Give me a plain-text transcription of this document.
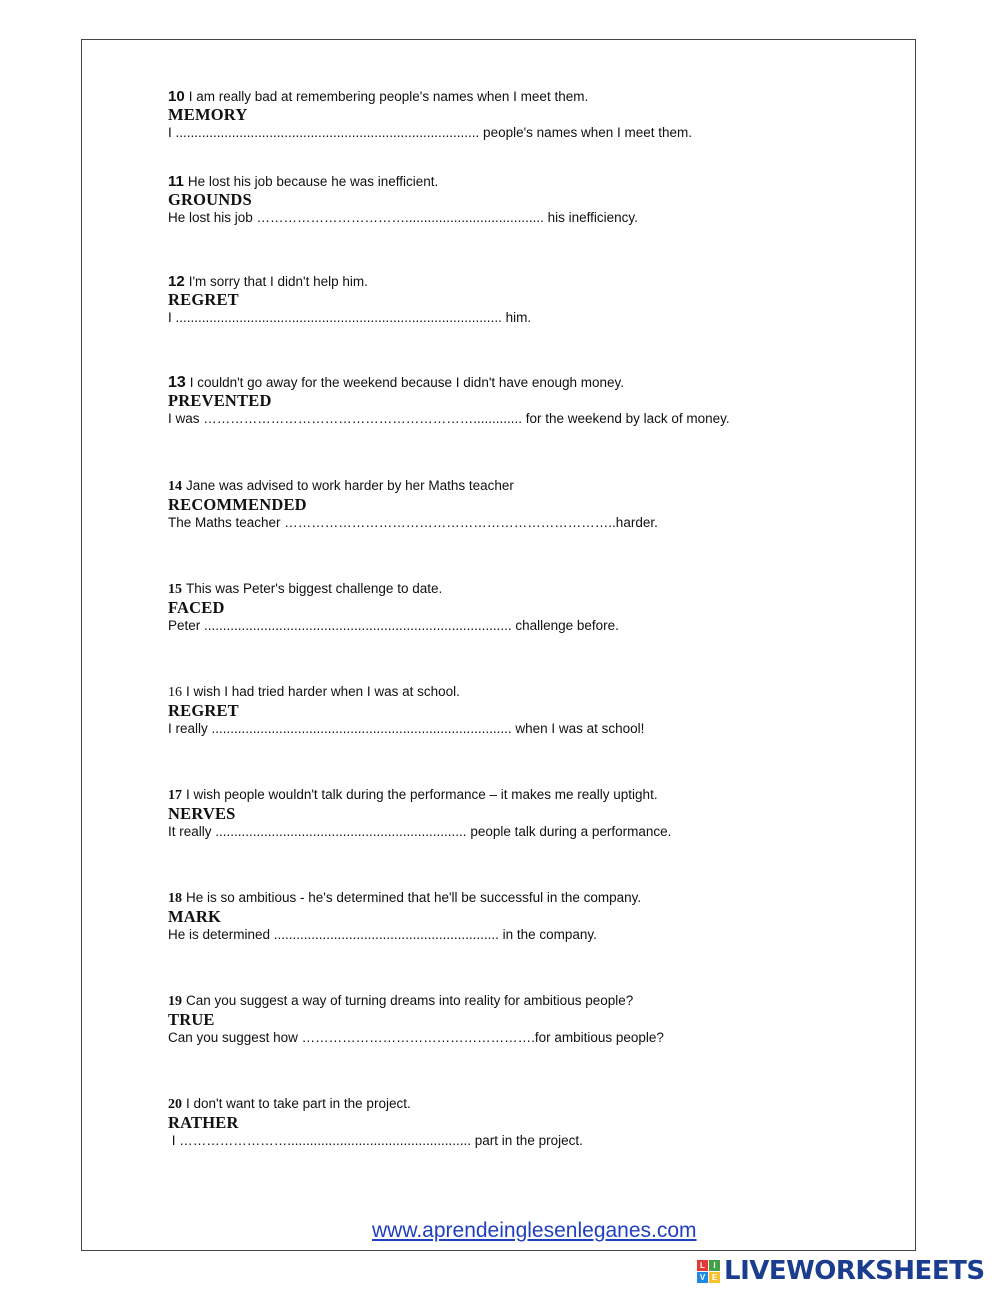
10 I am really bad at remembering people's names when I meet them.
MEMORY
I ................................................................................. people's names when I meet them.
11 He lost his job because he was inefficient.
GROUNDS
He lost his job ……………………………..................................... his inefficiency.
12 I'm sorry that I didn't help him.
REGRET
I ....................................................................................... him.
13 I couldn't go away for the weekend because I didn't have enough money.
PREVENTED
I was ……………………………………………………............. for the weekend by lack of money.
14 Jane was advised to work harder by her Maths teacher
RECOMMENDED
The Maths teacher ………………………………………………………………..harder.
15 This was Peter's biggest challenge to date.
FACED
Peter .................................................................................. challenge before.
16 I wish I had tried harder when I was at school.
REGRET
I really ................................................................................ when I was at school!
17 I wish people wouldn't talk during the performance – it makes me really uptight.
NERVES
It really ................................................................... people talk during a performance.
18 He is so ambitious - he's determined that he'll be successful in the company.
MARK
He is determined ............................................................ in the company.
19 Can you suggest a way of turning dreams into reality for ambitious people?
TRUE
Can you suggest how …………………………………………….for ambitious people?
20 I don't want to take part in the project.
RATHER
I ……………………................................................. part in the project.
www.aprendeinglesenleganes.com
L	I
V E LIVEWORKSHEETS
